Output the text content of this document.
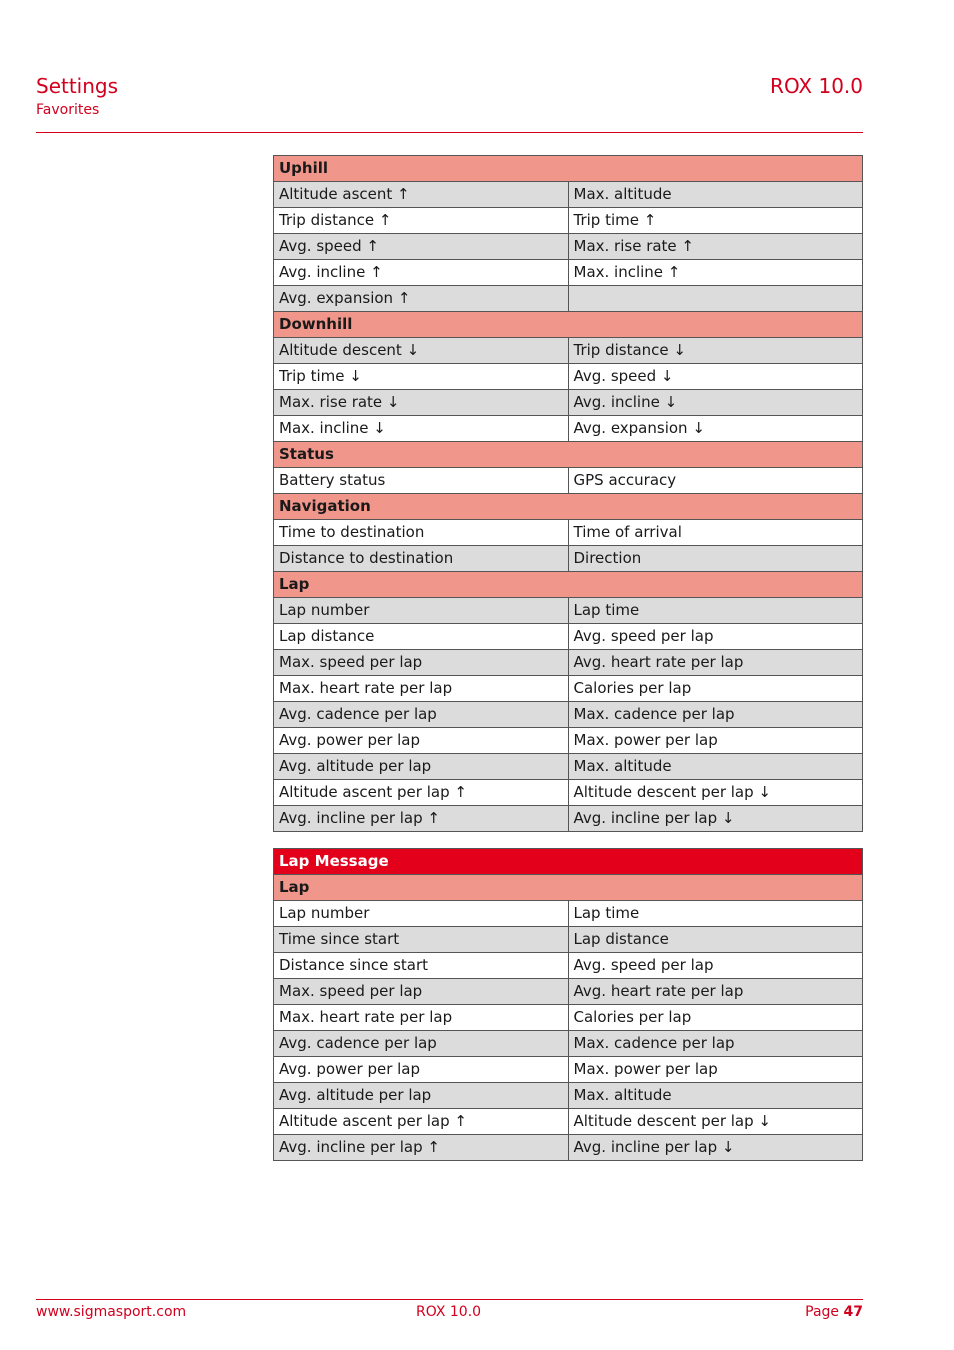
Settings
Favorites
ROX 10.0
Uphill	
Altitude ascent ↑	Max. altitude
Trip distance ↑	Trip time ↑
Avg. speed ↑	Max. rise rate ↑
Avg. incline ↑	Max. incline ↑
Avg. expansion ↑	
Downhill	
Altitude descent ↓	Trip distance ↓
Trip time ↓	Avg. speed ↓
Max. rise rate ↓	Avg. incline ↓
Max. incline ↓	Avg. expansion ↓
Status	
Battery status	GPS accuracy
Navigation	
Time to destination	Time of arrival
Distance to destination	Direction
Lap	
Lap number	Lap time
Lap distance	Avg. speed per lap
Max. speed per lap	Avg. heart rate per lap
Max. heart rate per lap	Calories per lap
Avg. cadence per lap	Max. cadence per lap
Avg. power per lap	Max. power per lap
Avg. altitude per lap	Max. altitude
Altitude ascent per lap ↑	Altitude descent per lap ↓
Avg. incline per lap ↑	Avg. incline per lap ↓
Lap Message	
Lap	
Lap number	Lap time
Time since start	Lap distance
Distance since start	Avg. speed per lap
Max. speed per lap	Avg. heart rate per lap
Max. heart rate per lap	Calories per lap
Avg. cadence per lap	Max. cadence per lap
Avg. power per lap	Max. power per lap
Avg. altitude per lap	Max. altitude
Altitude ascent per lap ↑	Altitude descent per lap ↓
Avg. incline per lap ↑	Avg. incline per lap ↓
www.sigmasport.com	ROX 10.0	Page 47
